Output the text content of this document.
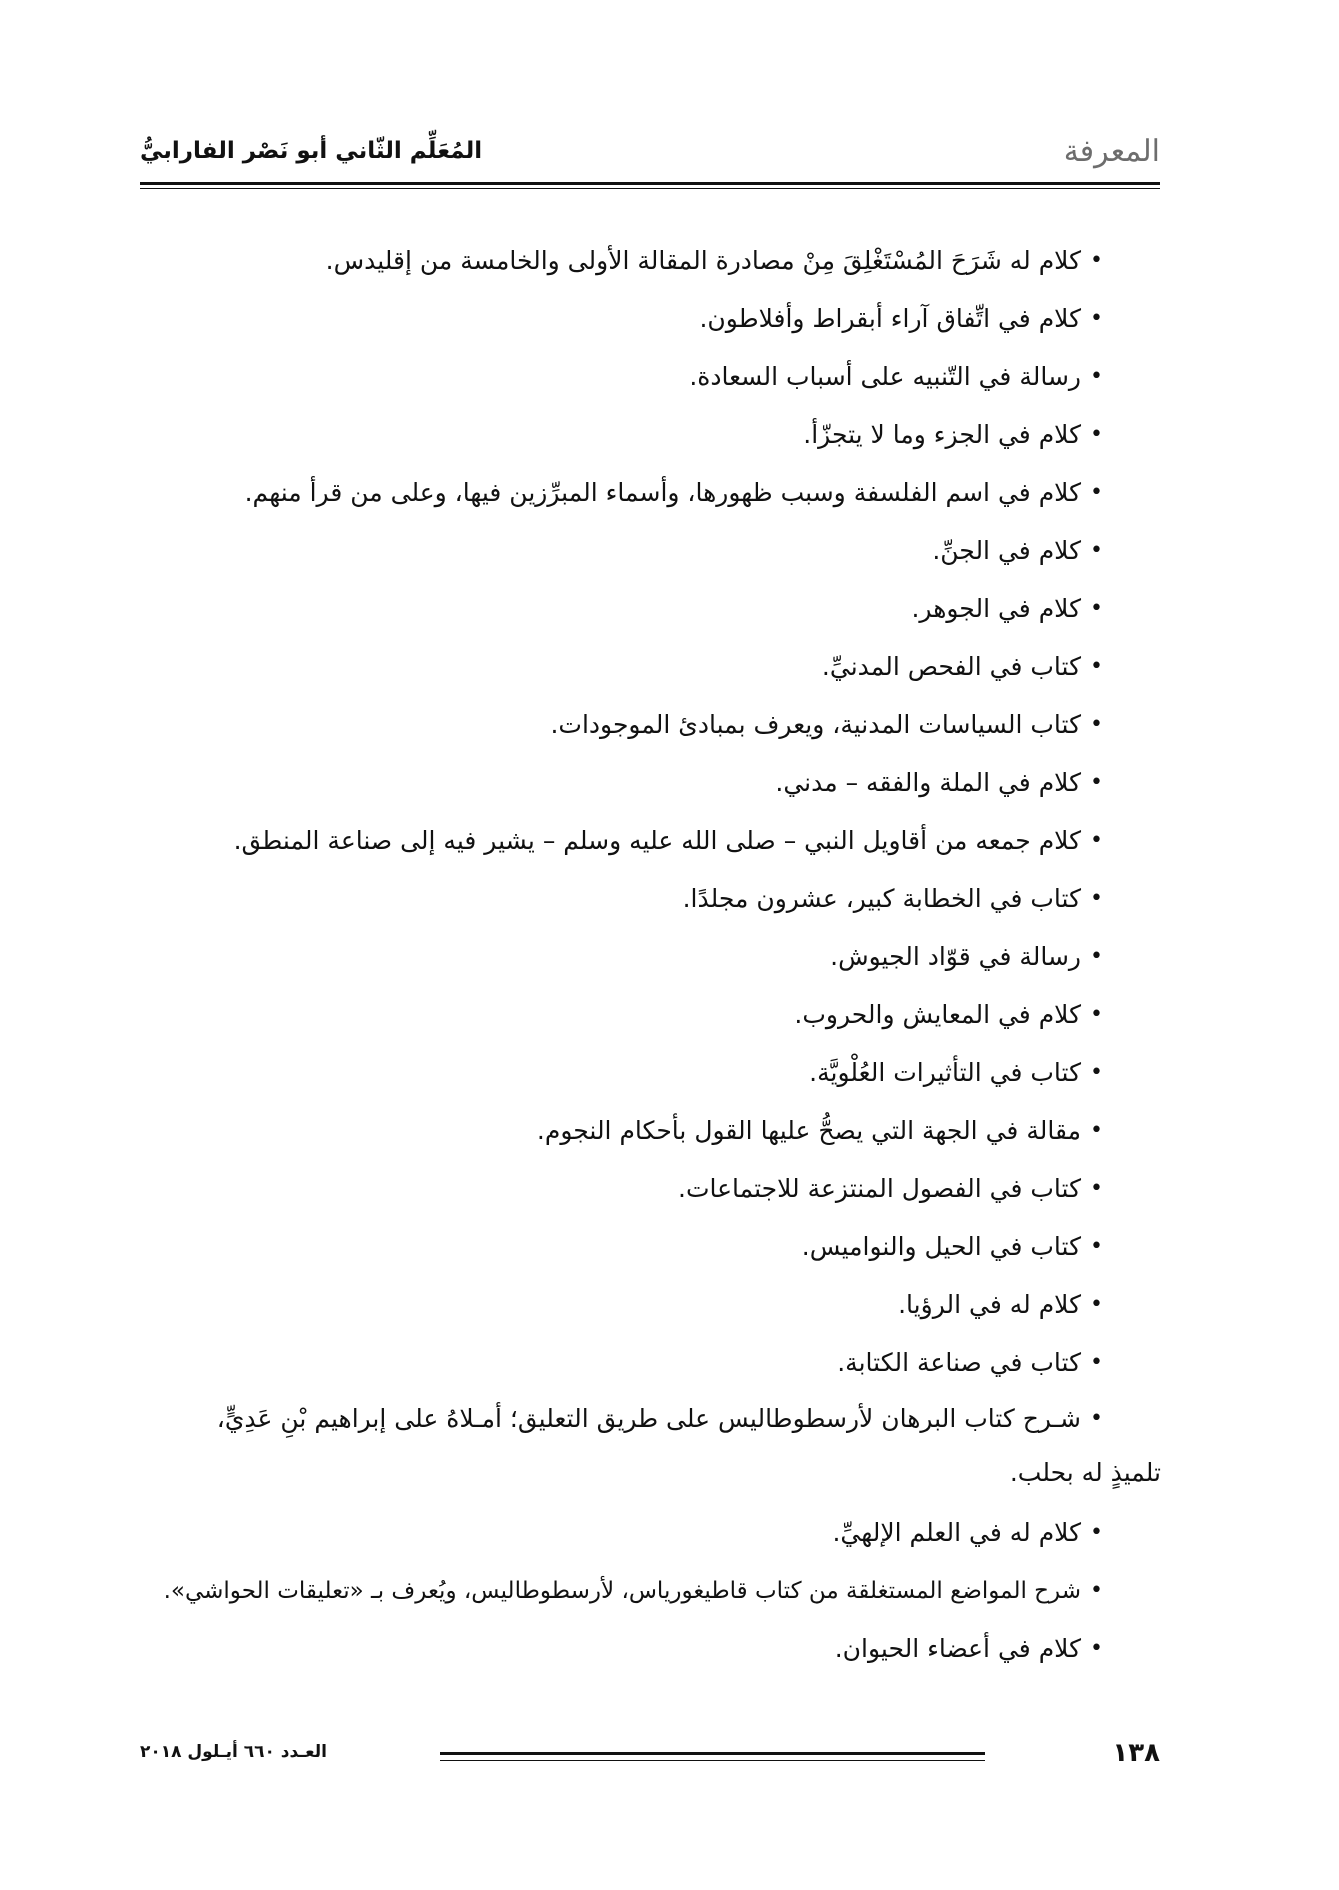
المعرفة
المُعَلِّم الثّاني أبو نَصْر الفارابيُّ
•
كلام له شَرَحَ المُسْتَغْلِقَ مِنْ مصادرة المقالة الأولى والخامسة من إقليدس.
•
كلام في اتِّفاق آراء أبقراط وأفلاطون.
•
رسالة في التّنبيه على أسباب السعادة.
•
كلام في الجزء وما لا يتجزّأ.
•
كلام في اسم الفلسفة وسبب ظهورها، وأسماء المبرِّزين فيها، وعلى من قرأ منهم.
•
كلام في الجنِّ.
•
كلام في الجوهر.
•
كتاب في الفحص المدنيِّ.
•
كتاب السياسات المدنية، ويعرف بمبادئ الموجودات.
•
كلام في الملة والفقه – مدني.
•
كلام جمعه من أقاويل النبي – صلى الله عليه وسلم – يشير فيه إلى صناعة المنطق.
•
كتاب في الخطابة كبير، عشرون مجلدًا.
•
رسالة في قوّاد الجيوش.
•
كلام في المعايش والحروب.
•
كتاب في التأثيرات العُلْويَّة.
•
مقالة في الجهة التي يصحُّ عليها القول بأحكام النجوم.
•
كتاب في الفصول المنتزعة للاجتماعات.
•
كتاب في الحيل والنواميس.
•
كلام له في الرؤيا.
•
كتاب في صناعة الكتابة.
•
شـرح كتاب البرهان لأرسطوطاليس على طريق التعليق؛ أمـلاهُ على إبراهيم بْنِ عَدِيٍّ،
تلميذٍ له بحلب.
•
كلام له في العلم الإلهيِّ.
•
شرح المواضع المستغلقة من كتاب قاطيغورياس، لأرسطوطاليس، ويُعرف بـ «تعليقات الحواشي».
•
كلام في أعضاء الحيوان.
١٣٨
العـدد ٦٦٠ أيـلول ٢٠١٨
